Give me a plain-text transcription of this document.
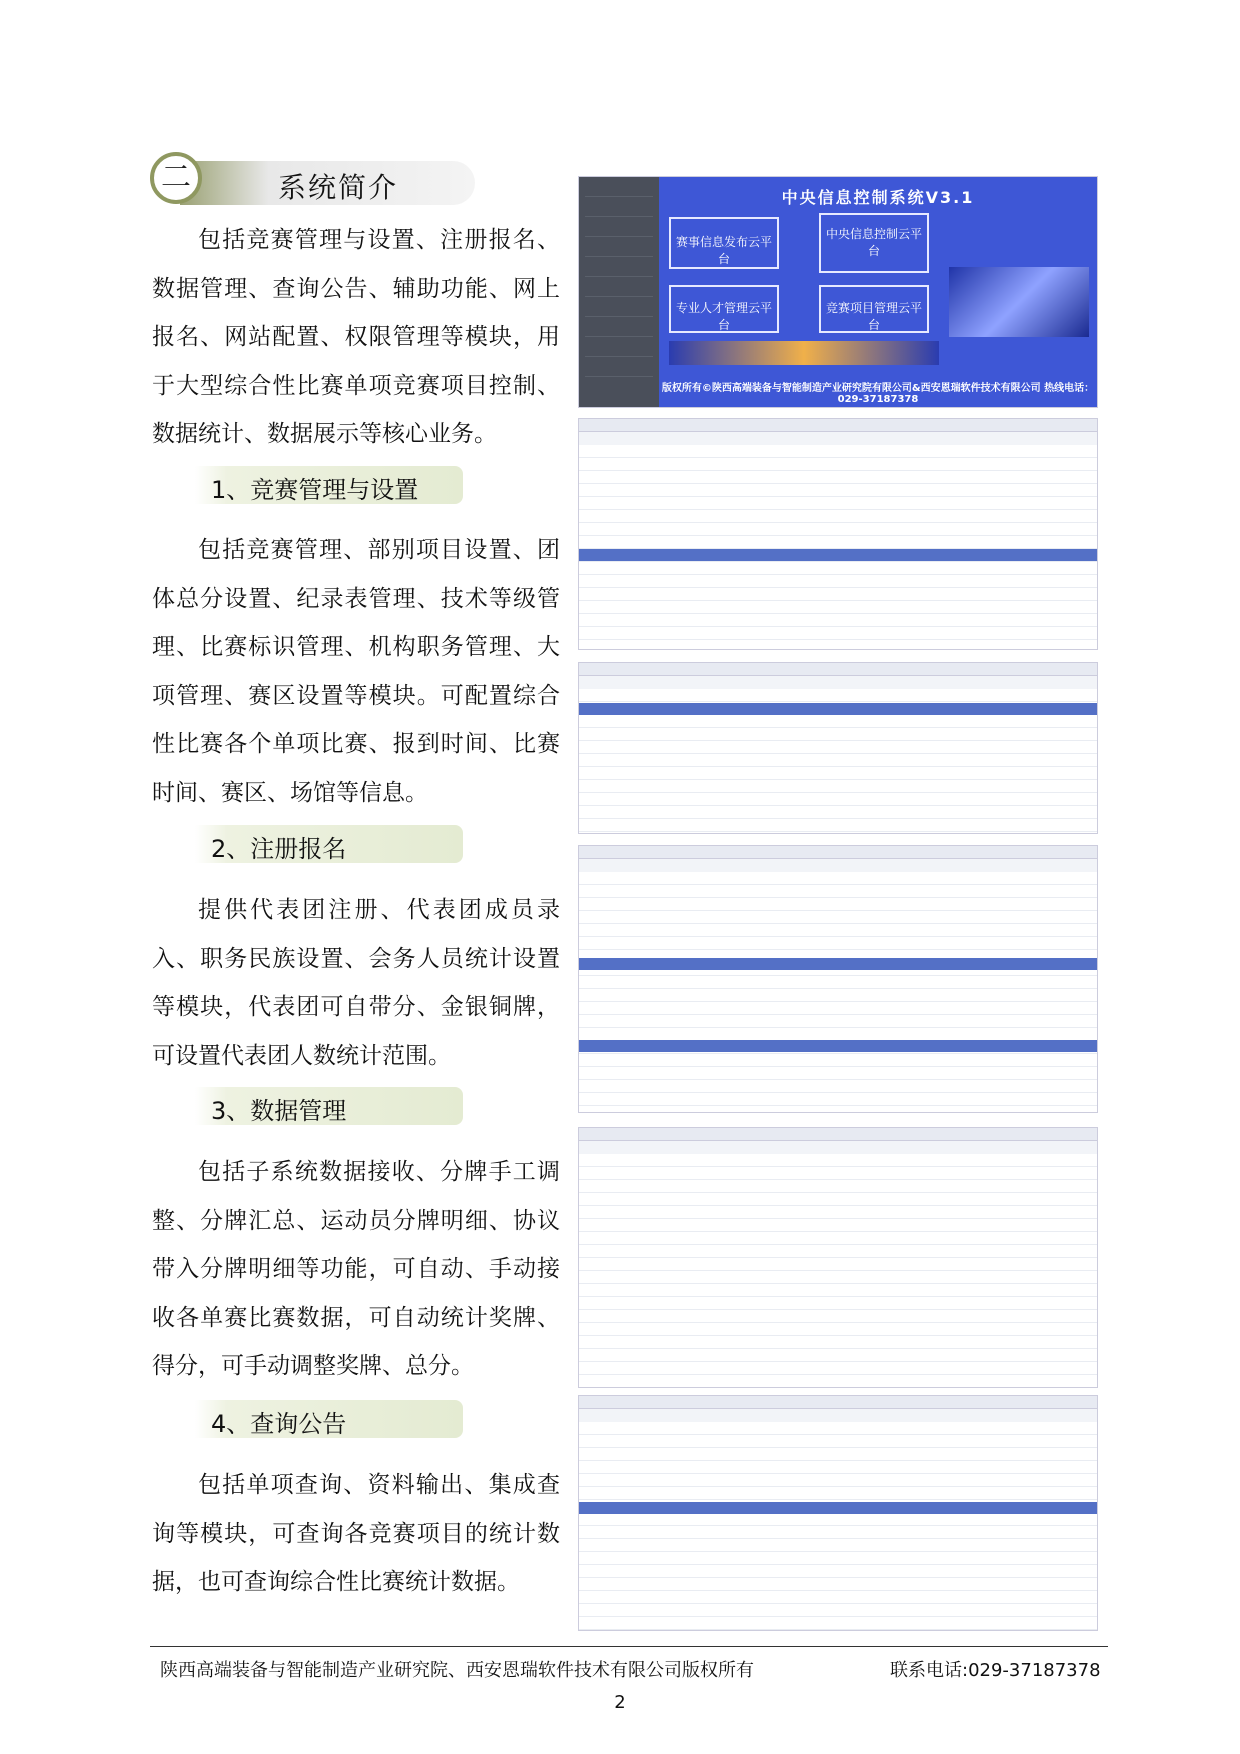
二	系统简介

包括竞赛管理与设置、注册报名、数据管理、查询公告、辅助功能、网上报名、网站配置、权限管理等模块，用于大型综合性比赛单项竞赛项目控制、数据统计、数据展示等核心业务。

1、竞赛管理与设置

包括竞赛管理、部别项目设置、团体总分设置、纪录表管理、技术等级管理、比赛标识管理、机构职务管理、大项管理、赛区设置等模块。可配置综合性比赛各个单项比赛、报到时间、比赛时间、赛区、场馆等信息。

2、注册报名

提供代表团注册、代表团成员录入、职务民族设置、会务人员统计设置等模块，代表团可自带分、金银铜牌，可设置代表团人数统计范围。

3、数据管理

包括子系统数据接收、分牌手工调整、分牌汇总、运动员分牌明细、协议带入分牌明细等功能，可自动、手动接收各单赛比赛数据，可自动统计奖牌、得分，可手动调整奖牌、总分。

4、查询公告

包括单项查询、资料输出、集成查询等模块，可查询各竞赛项目的统计数据，也可查询综合性比赛统计数据。

中央信息控制系统V3.1
赛事信息发布云平台
中央信息控制云平台
专业人才管理云平台
竞赛项目管理云平台
版权所有©陕西高端装备与智能制造产业研究院有限公司&西安恩瑞软件技术有限公司 热线电话：029-37187378
陕西高端装备与智能制造产业研究院、西安恩瑞软件技术有限公司版权所有	联系电话:029-37187378
2
